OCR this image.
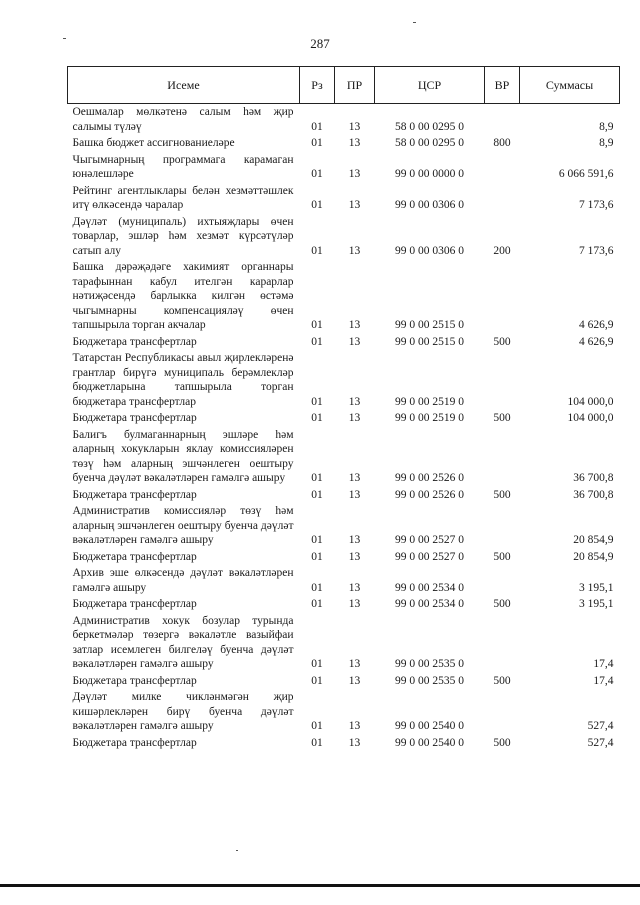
287
Исеме	Рз	ПР	ЦСР	ВР	Суммасы
Оешмалар мөлкәтенә салым һәм җир салымы түләү	01	13	58 0 00 0295 0		8,9
Башка бюджет ассигнованиеләре	01	13	58 0 00 0295 0	800	8,9
Чыгымнарның программага карамаган юнәлешләре	01	13	99 0 00 0000 0		6 066 591,6
Рейтинг агентлыклары белән хезмәттәшлек итү өлкәсендә чаралар	01	13	99 0 00 0306 0		7 173,6
Дәүләт (муниципаль) ихтыяҗлары өчен товарлар, эшләр һәм хезмәт күрсәтүләр сатып алу	01	13	99 0 00 0306 0	200	7 173,6
Башка дәрәҗәдәге хакимият органнары тарафыннан кабул ителгән карарлар нәтиҗәсендә барлыкка килгән өстәмә чыгымнарны компенсацияләү өчен тапшырыла торган акчалар	01	13	99 0 00 2515 0		4 626,9
Бюджетара трансфертлар	01	13	99 0 00 2515 0	500	4 626,9
Татарстан Республикасы авыл җирлекләренә грантлар бирүгә муниципаль берәмлекләр бюджетларына тапшырыла торган бюджетара трансфертлар	01	13	99 0 00 2519 0		104 000,0
Бюджетара трансфертлар	01	13	99 0 00 2519 0	500	104 000,0
Балигъ булмаганнарның эшләре һәм аларның хокукларын яклау комиссияләрен төзү һәм аларның эшчәнлеген оештыру буенча дәүләт вәкаләтләрен гамәлгә ашыру	01	13	99 0 00 2526 0		36 700,8
Бюджетара трансфертлар	01	13	99 0 00 2526 0	500	36 700,8
Административ комиссияләр төзү һәм аларның эшчәнлеген оештыру буенча дәүләт вәкаләтләрен гамәлгә ашыру	01	13	99 0 00 2527 0		20 854,9
Бюджетара трансфертлар	01	13	99 0 00 2527 0	500	20 854,9
Архив эше өлкәсендә дәүләт вәкаләтләрен гамәлгә ашыру	01	13	99 0 00 2534 0		3 195,1
Бюджетара трансфертлар	01	13	99 0 00 2534 0	500	3 195,1
Административ хокук бозулар турында беркетмәләр төзергә вәкаләтле вазыйфаи затлар исемлеген билгеләү буенча дәүләт вәкаләтләрен гамәлгә ашыру	01	13	99 0 00 2535 0		17,4
Бюджетара трансфертлар	01	13	99 0 00 2535 0	500	17,4
Дәүләт милке чикләнмәгән җир кишәрлекләрен бирү буенча дәүләт вәкаләтләрен гамәлгә ашыру	01	13	99 0 00 2540 0		527,4
Бюджетара трансфертлар	01	13	99 0 00 2540 0	500	527,4
